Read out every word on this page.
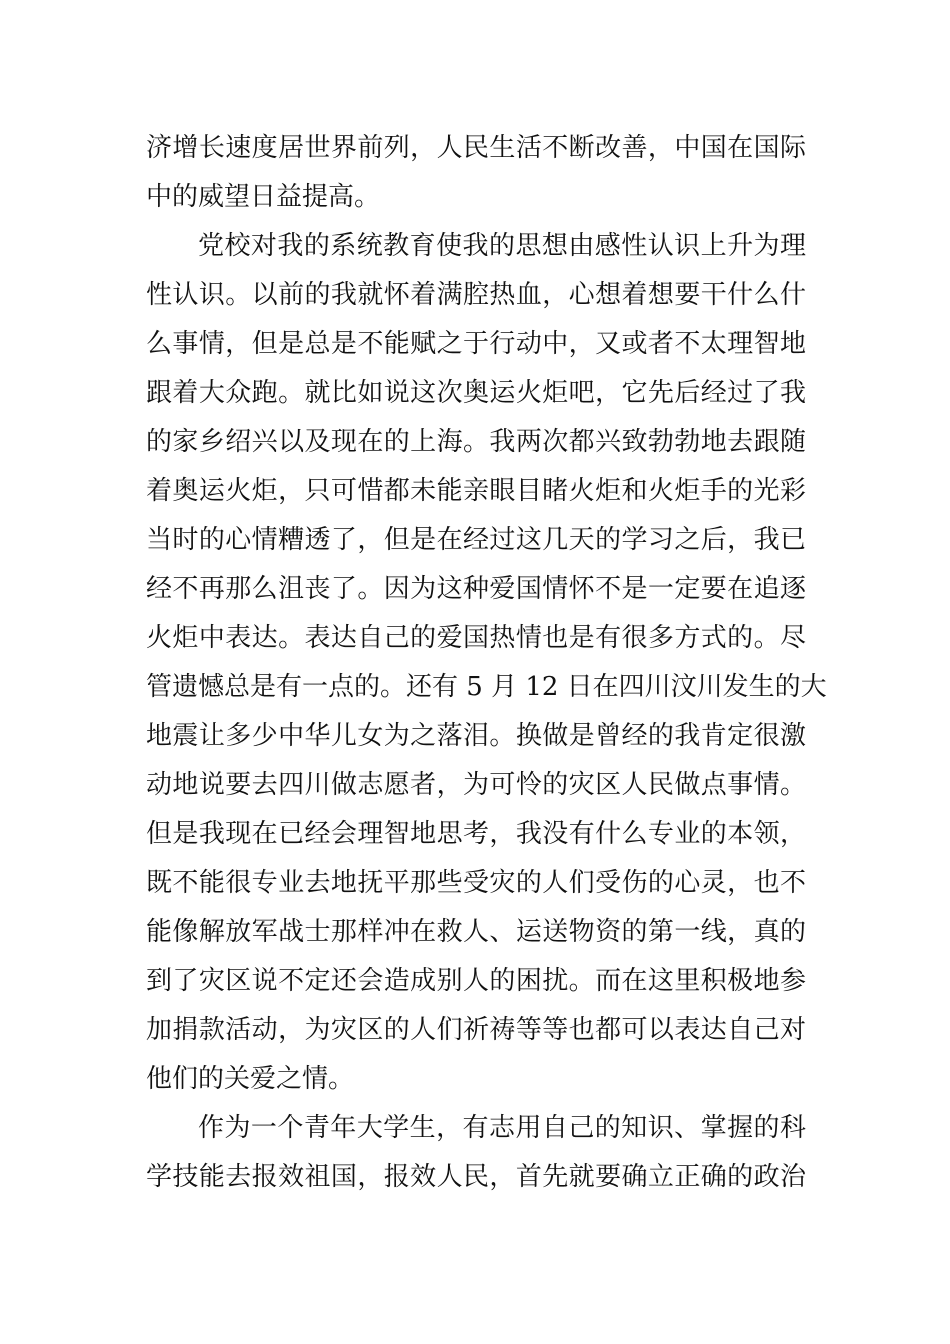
济增长速度居世界前列，人民生活不断改善，中国在国际
中的威望日益提高。
党校对我的系统教育使我的思想由感性认识上升为理
性认识。以前的我就怀着满腔热血，心想着想要干什么什
么事情，但是总是不能赋之于行动中，又或者不太理智地
跟着大众跑。就比如说这次奥运火炬吧，它先后经过了我
的家乡绍兴以及现在的上海。我两次都兴致勃勃地去跟随
着奥运火炬，只可惜都未能亲眼目睹火炬和火炬手的光彩
当时的心情糟透了，但是在经过这几天的学习之后，我已
经不再那么沮丧了。因为这种爱国情怀不是一定要在追逐
火炬中表达。表达自己的爱国热情也是有很多方式的。尽
管遗憾总是有一点的。还有 5 月 12 日在四川汶川发生的大
地震让多少中华儿女为之落泪。换做是曾经的我肯定很激
动地说要去四川做志愿者，为可怜的灾区人民做点事情。
但是我现在已经会理智地思考，我没有什么专业的本领，
既不能很专业去地抚平那些受灾的人们受伤的心灵，也不
能像解放军战士那样冲在救人、运送物资的第一线，真的
到了灾区说不定还会造成别人的困扰。而在这里积极地参
加捐款活动，为灾区的人们祈祷等等也都可以表达自己对
他们的关爱之情。
作为一个青年大学生，有志用自己的知识、掌握的科
学技能去报效祖国，报效人民，首先就要确立正确的政治
